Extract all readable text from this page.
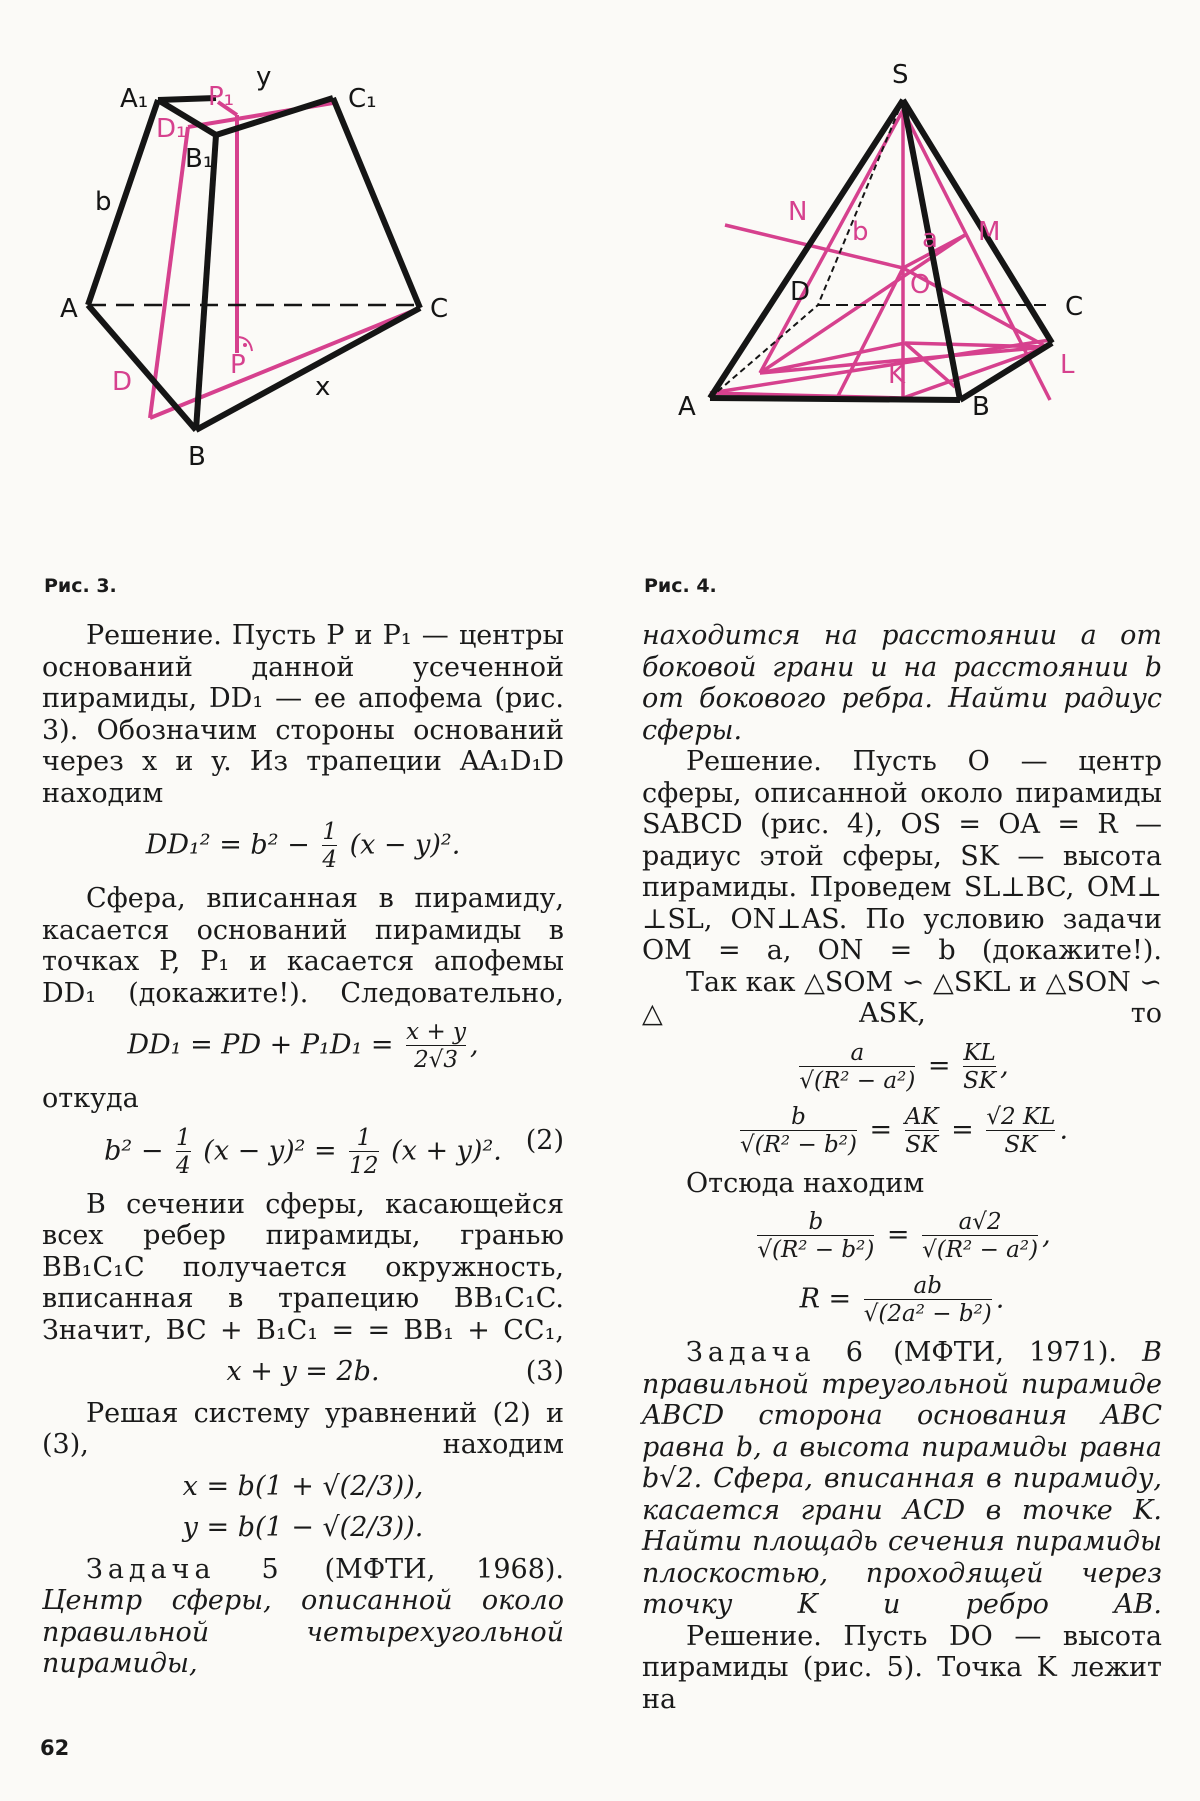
A₁
y
C₁
B₁
b
A	C
x
B
P₁
D₁
D
P
S
D	C
A	B
N
b a M
O
K	L
Рис. 3.	Рис. 4.

Решение. Пусть P и P₁ — центры оснований данной усеченной пирамиды, DD₁ — ее апофема (рис. 3). Обозначим стороны оснований через x и y. Из трапеции AA₁D₁D находим

$DD_1^2 = b^2 - \frac{1}{4} (x - y)^2$.

Сфера, вписанная в пирамиду, касается оснований пирамиды в точках P, P₁ и касается апофемы DD₁ (докажите!). Следовательно,

DD₁ = PD + $P_1D_1 = \frac{x + y}{2√3}$ ,

откуда

$b^2 - \frac{1}{4} (x - y)^2 = \frac{1}{12} (x + y)^2$. (2)

В сечении сферы, касающейся всех ребер пирамиды, гранью BB₁C₁C получается окружность, вписанная в трапецию BB₁C₁C. Значит, BC + B₁C₁ = = BB₁ + CC₁,

x + y = 2b.	(3)

Решая систему уравнений (2) и (3), находим

x = b(1 + √(2/3)),
y = b(1 − √(2/3)).

Задача 5 (МФТИ, 1968). Центр сферы, описанной около правильной четырехугольной пирамиды,

находится на расстоянии a от боковой грани и на расстоянии b от бокового ребра. Найти радиус сферы.

Решение. Пусть O — центр сферы, описанной около пирамиды SABCD (рис. 4), OS = OA = R — радиус этой сферы, SK — высота пирамиды. Проведем SL⊥BC, OM⊥ ⊥SL, ON⊥AS. По условию задачи OM = a, ON = b (докажите!).

Так как △SOM ∽ △SKL и △SON ∽ △ASK, то

$\frac{a}{\text{√(R² − a²)}} = \frac{KL}{SK}$ ,
$\frac{b}{\text{√(R² − b²)}} = \frac{AK}{SK} = \frac{√2 KL}{SK}$ .

Отсюда находим

$\frac{b}{\text{√(R² − b²)}} = \frac{a√2}{\text{√(R² − a²)}}$ ,
$R = \frac{ab}{\text{√(2a² − b²)}}$ .

Задача 6 (МФТИ, 1971). В правильной треугольной пирамиде ABCD сторона основания ABC равна b, а высота пирамиды равна b√2. Сфера, вписанная в пирамиду, касается грани ACD в точке K. Найти площадь сечения пирамиды плоскостью, проходящей через точку K и ребро AB.

Решение. Пусть DO — высота пирамиды (рис. 5). Точка K лежит на

62
